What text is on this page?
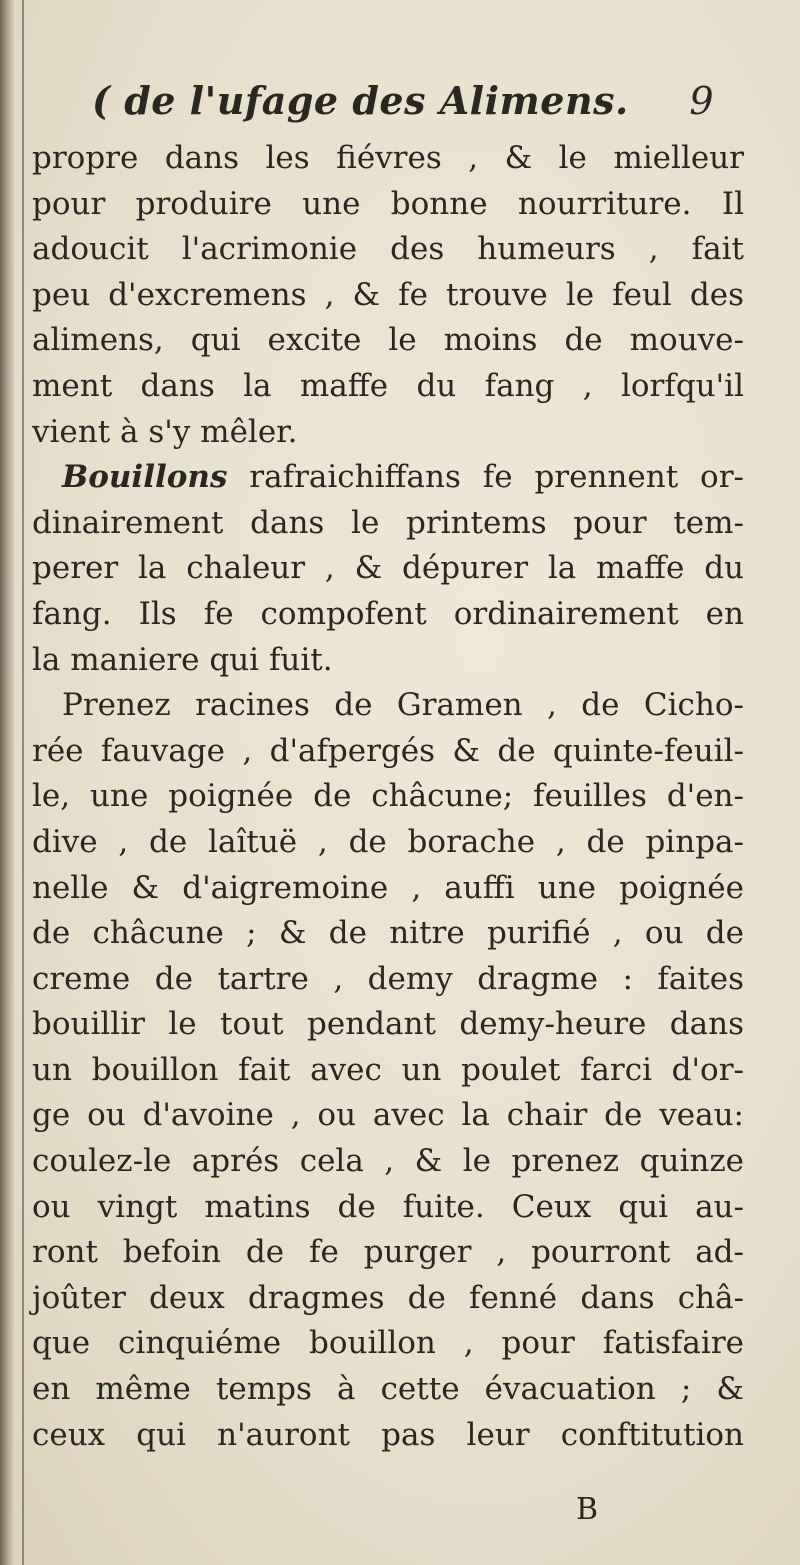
( de l'ufage des Alimens. 9
propre dans les fiévres , & le mielleur
pour produire une bonne nourriture. Il
adoucit l'acrimonie des humeurs , fait
peu d'excremens , & fe trouve le feul des
alimens, qui excite le moins de mouve-
ment dans la maffe du fang , lorfqu'il
vient à s'y mêler.
Bouillons rafraichiffans fe prennent or-
dinairement dans le printems pour tem-
perer la chaleur , & dépurer la maffe du
fang. Ils fe compofent ordinairement en
la maniere qui fuit.
Prenez racines de Gramen , de Cicho-
rée fauvage , d'afpergés & de quinte-feuil-
le, une poignée de châcune; feuilles d'en-
dive , de laîtuë , de borache , de pinpa-
nelle & d'aigremoine , auffi une poignée
de châcune ; & de nitre purifié , ou de
creme de tartre , demy dragme : faites
bouillir le tout pendant demy-heure dans
un bouillon fait avec un poulet farci d'or-
ge ou d'avoine , ou avec la chair de veau:
coulez-le aprés cela , & le prenez quinze
ou vingt matins de fuite. Ceux qui au-
ront befoin de fe purger , pourront ad-
joûter deux dragmes de fenné dans châ-
que cinquiéme bouillon , pour fatisfaire
en même temps à cette évacuation ; &
ceux qui n'auront pas leur conftitution
B
